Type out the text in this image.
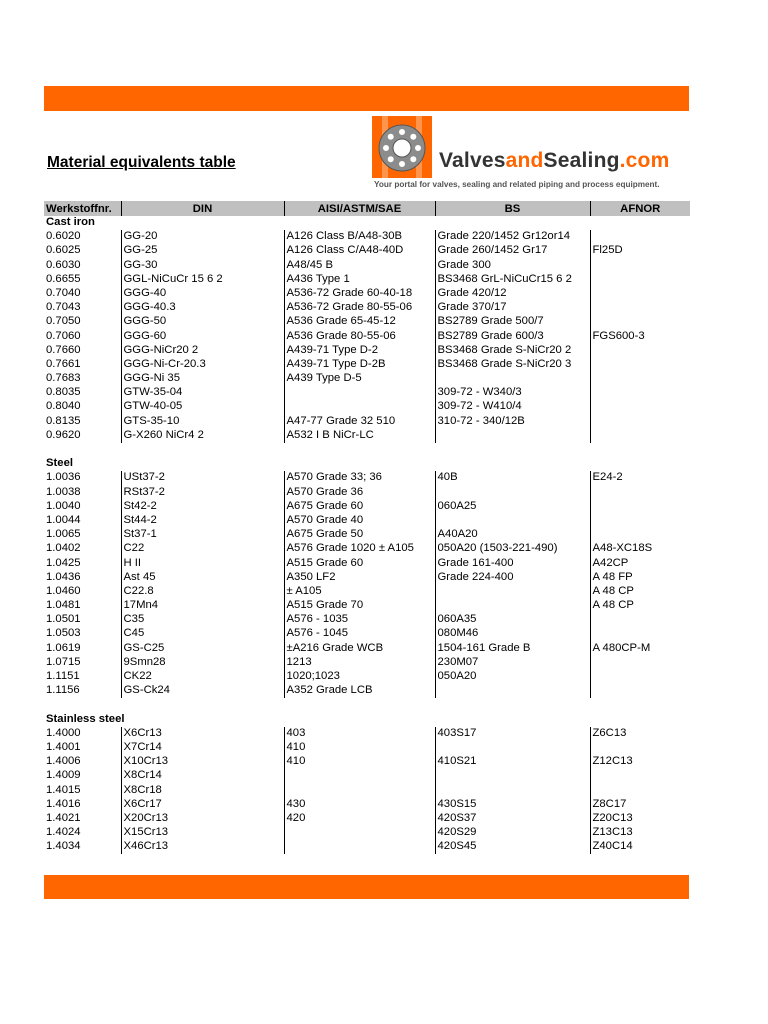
Material equivalents table	ValvesandSealing.com
Your portal for valves, sealing and related piping and process equipment.
Werkstoffnr.	DIN	AISI/ASTM/SAE	BS	AFNOR
Cast iron				
0.6020	GG-20	A126 Class B/A48-30B	Grade 220/1452 Gr12or14	
0.6025	GG-25	A126 Class C/A48-40D	Grade 260/1452 Gr17	Fl25D
0.6030	GG-30	A48/45 B	Grade 300	
0.6655	GGL-NiCuCr 15 6 2	A436 Type 1	BS3468 GrL-NiCuCr15 6 2	
0.7040	GGG-40	A536-72 Grade 60-40-18	Grade 420/12	
0.7043	GGG-40.3	A536-72 Grade 80-55-06	Grade 370/17	
0.7050	GGG-50	A536 Grade 65-45-12	BS2789 Grade 500/7	
0.7060	GGG-60	A536 Grade 80-55-06	BS2789 Grade 600/3	FGS600-3
0.7660	GGG-NiCr20 2	A439-71 Type D-2	BS3468 Grade S-NiCr20 2	
0.7661	GGG-Ni-Cr-20.3	A439-71 Type D-2B	BS3468 Grade S-NiCr20 3	
0.7683	GGG-Ni 35	A439 Type D-5		
0.8035	GTW-35-04		309-72 - W340/3	
0.8040	GTW-40-05		309-72 - W410/4	
0.8135	GTS-35-10	A47-77 Grade 32 510	310-72 - 340/12B	
0.9620	G-X260 NiCr4 2	A532 I B NiCr-LC		

Steel				
1.0036	USt37-2	A570 Grade 33; 36	40B	E24-2
1.0038	RSt37-2	A570 Grade 36		
1.0040	St42-2	A675 Grade 60	060A25	
1.0044	St44-2	A570 Grade 40		
1.0065	St37-1	A675 Grade 50	A40A20	
1.0402	C22	A576 Grade 1020 ± A105	050A20 (1503-221-490)	A48-XC18S
1.0425	H II	A515 Grade 60	Grade 161-400	A42CP
1.0436	Ast 45	A350 LF2	Grade 224-400	A 48 FP
1.0460	C22.8	± A105		A 48 CP
1.0481	17Mn4	A515 Grade 70		A 48 CP
1.0501	C35	A576 - 1035	060A35	
1.0503	C45	A576 - 1045	080M46	
1.0619	GS-C25	±A216 Grade WCB	1504-161 Grade B	A 480CP-M
1.0715	9Smn28	1213	230M07	
1.1151	CK22	1020;1023	050A20	
1.1156	GS-Ck24	A352 Grade LCB		

Stainless steel				
1.4000	X6Cr13	403	403S17	Z6C13
1.4001	X7Cr14	410		
1.4006	X10Cr13	410	410S21	Z12C13
1.4009	X8Cr14			
1.4015	X8Cr18			
1.4016	X6Cr17	430	430S15	Z8C17
1.4021	X20Cr13	420	420S37	Z20C13
1.4024	X15Cr13		420S29	Z13C13
1.4034	X46Cr13		420S45	Z40C14
